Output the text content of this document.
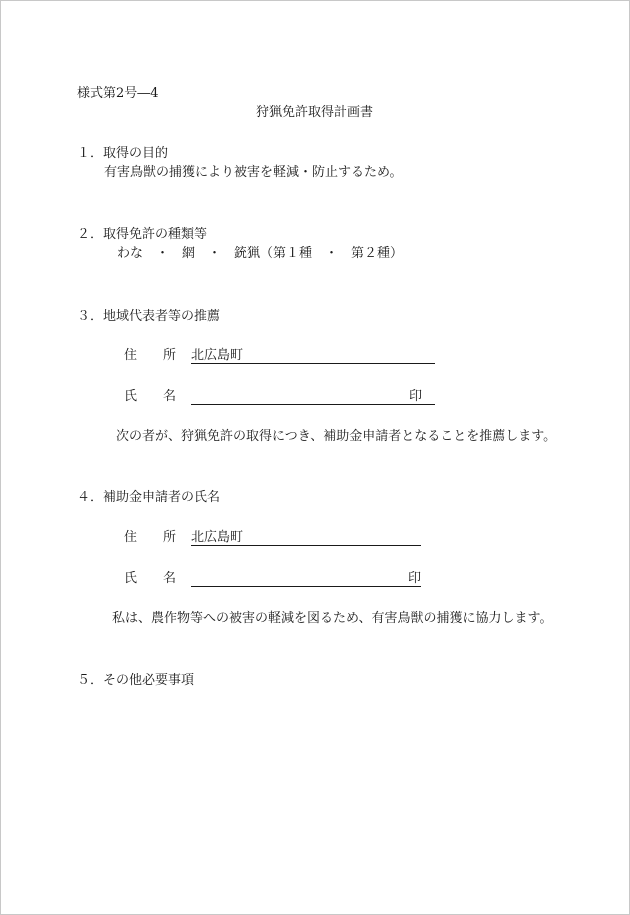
様式第2号―4
狩猟免許取得計画書
１．取得の目的
有害鳥獣の捕獲により被害を軽減・防止するため。
２．取得免許の種類等
わな　・　網　・　銃猟（第１種　・　第２種）
３．地域代表者等の推薦
住　　所 北広島町
氏　　名	印
次の者が、狩猟免許の取得につき、補助金申請者となることを推薦します。
４．補助金申請者の氏名
住　　所 北広島町
氏　　名	印
私は、農作物等への被害の軽減を図るため、有害鳥獣の捕獲に協力します。
５．その他必要事項
